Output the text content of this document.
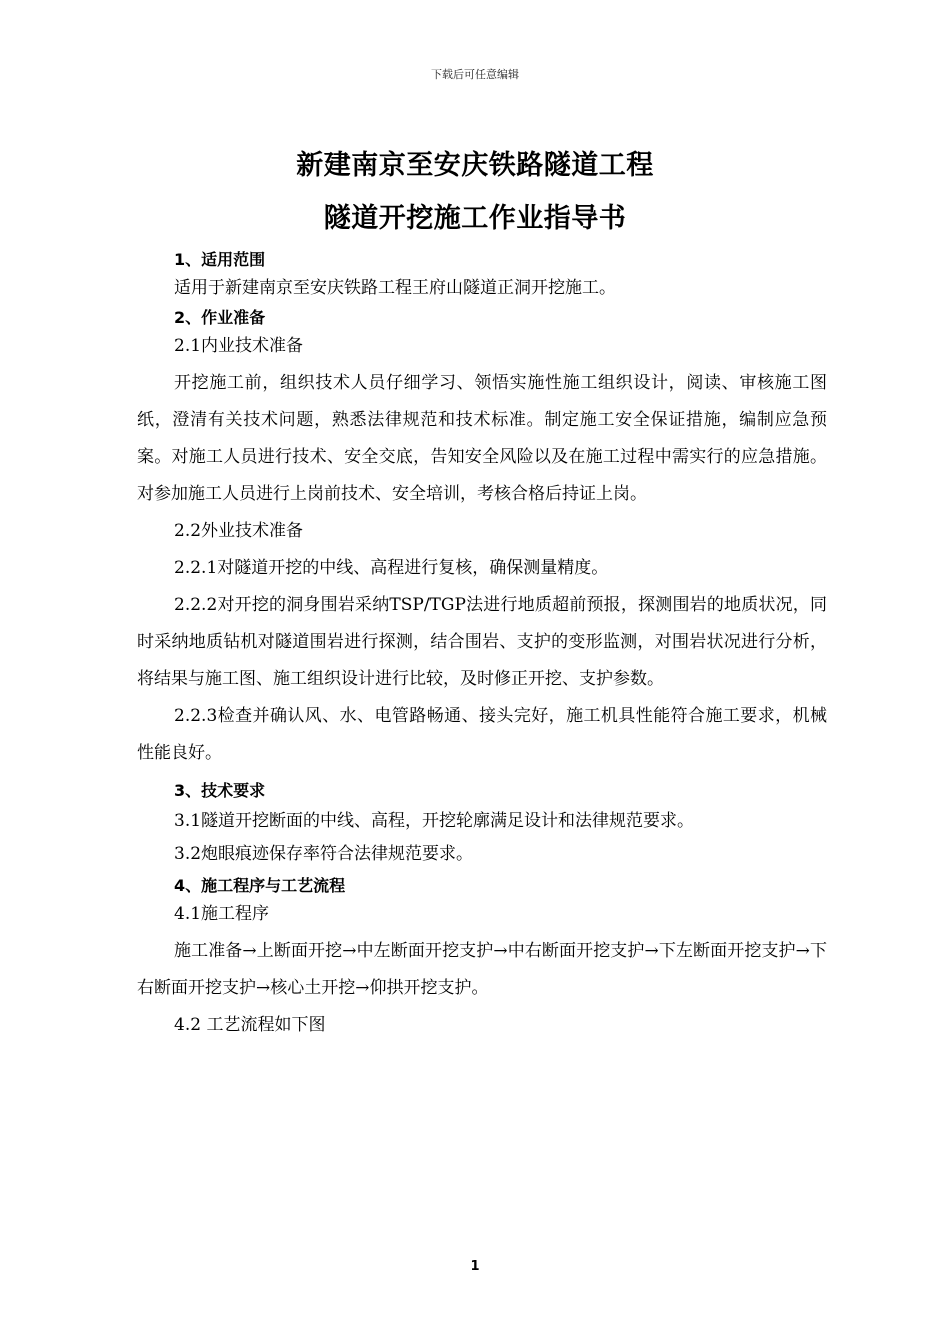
下载后可任意编辑
新建南京至安庆铁路隧道工程
隧道开挖施工作业指导书

1、适用范围

适用于新建南京至安庆铁路工程王府山隧道正洞开挖施工。

2、作业准备

2.1内业技术准备

开挖施工前，组织技术人员仔细学习、领悟实施性施工组织设计，阅读、审核施工图纸，澄清有关技术问题，熟悉法律规范和技术标准。制定施工安全保证措施，编制应急预案。对施工人员进行技术、安全交底，告知安全风险以及在施工过程中需实行的应急措施。对参加施工人员进行上岗前技术、安全培训，考核合格后持证上岗。

2.2外业技术准备

2.2.1对隧道开挖的中线、高程进行复核，确保测量精度。

2.2.2对开挖的洞身围岩采纳TSP/TGP法进行地质超前预报，探测围岩的地质状况，同时采纳地质钻机对隧道围岩进行探测，结合围岩、支护的变形监测，对围岩状况进行分析，将结果与施工图、施工组织设计进行比较，及时修正开挖、支护参数。

2.2.3检查并确认风、水、电管路畅通、接头完好，施工机具性能符合施工要求，机械性能良好。

3、技术要求

3.1隧道开挖断面的中线、高程，开挖轮廓满足设计和法律规范要求。

3.2炮眼痕迹保存率符合法律规范要求。

4、施工程序与工艺流程

4.1施工程序

施工准备→上断面开挖→中左断面开挖支护→中右断面开挖支护→下左断面开挖支护→下右断面开挖支护→核心土开挖→仰拱开挖支护。

4.2 工艺流程如下图

1
